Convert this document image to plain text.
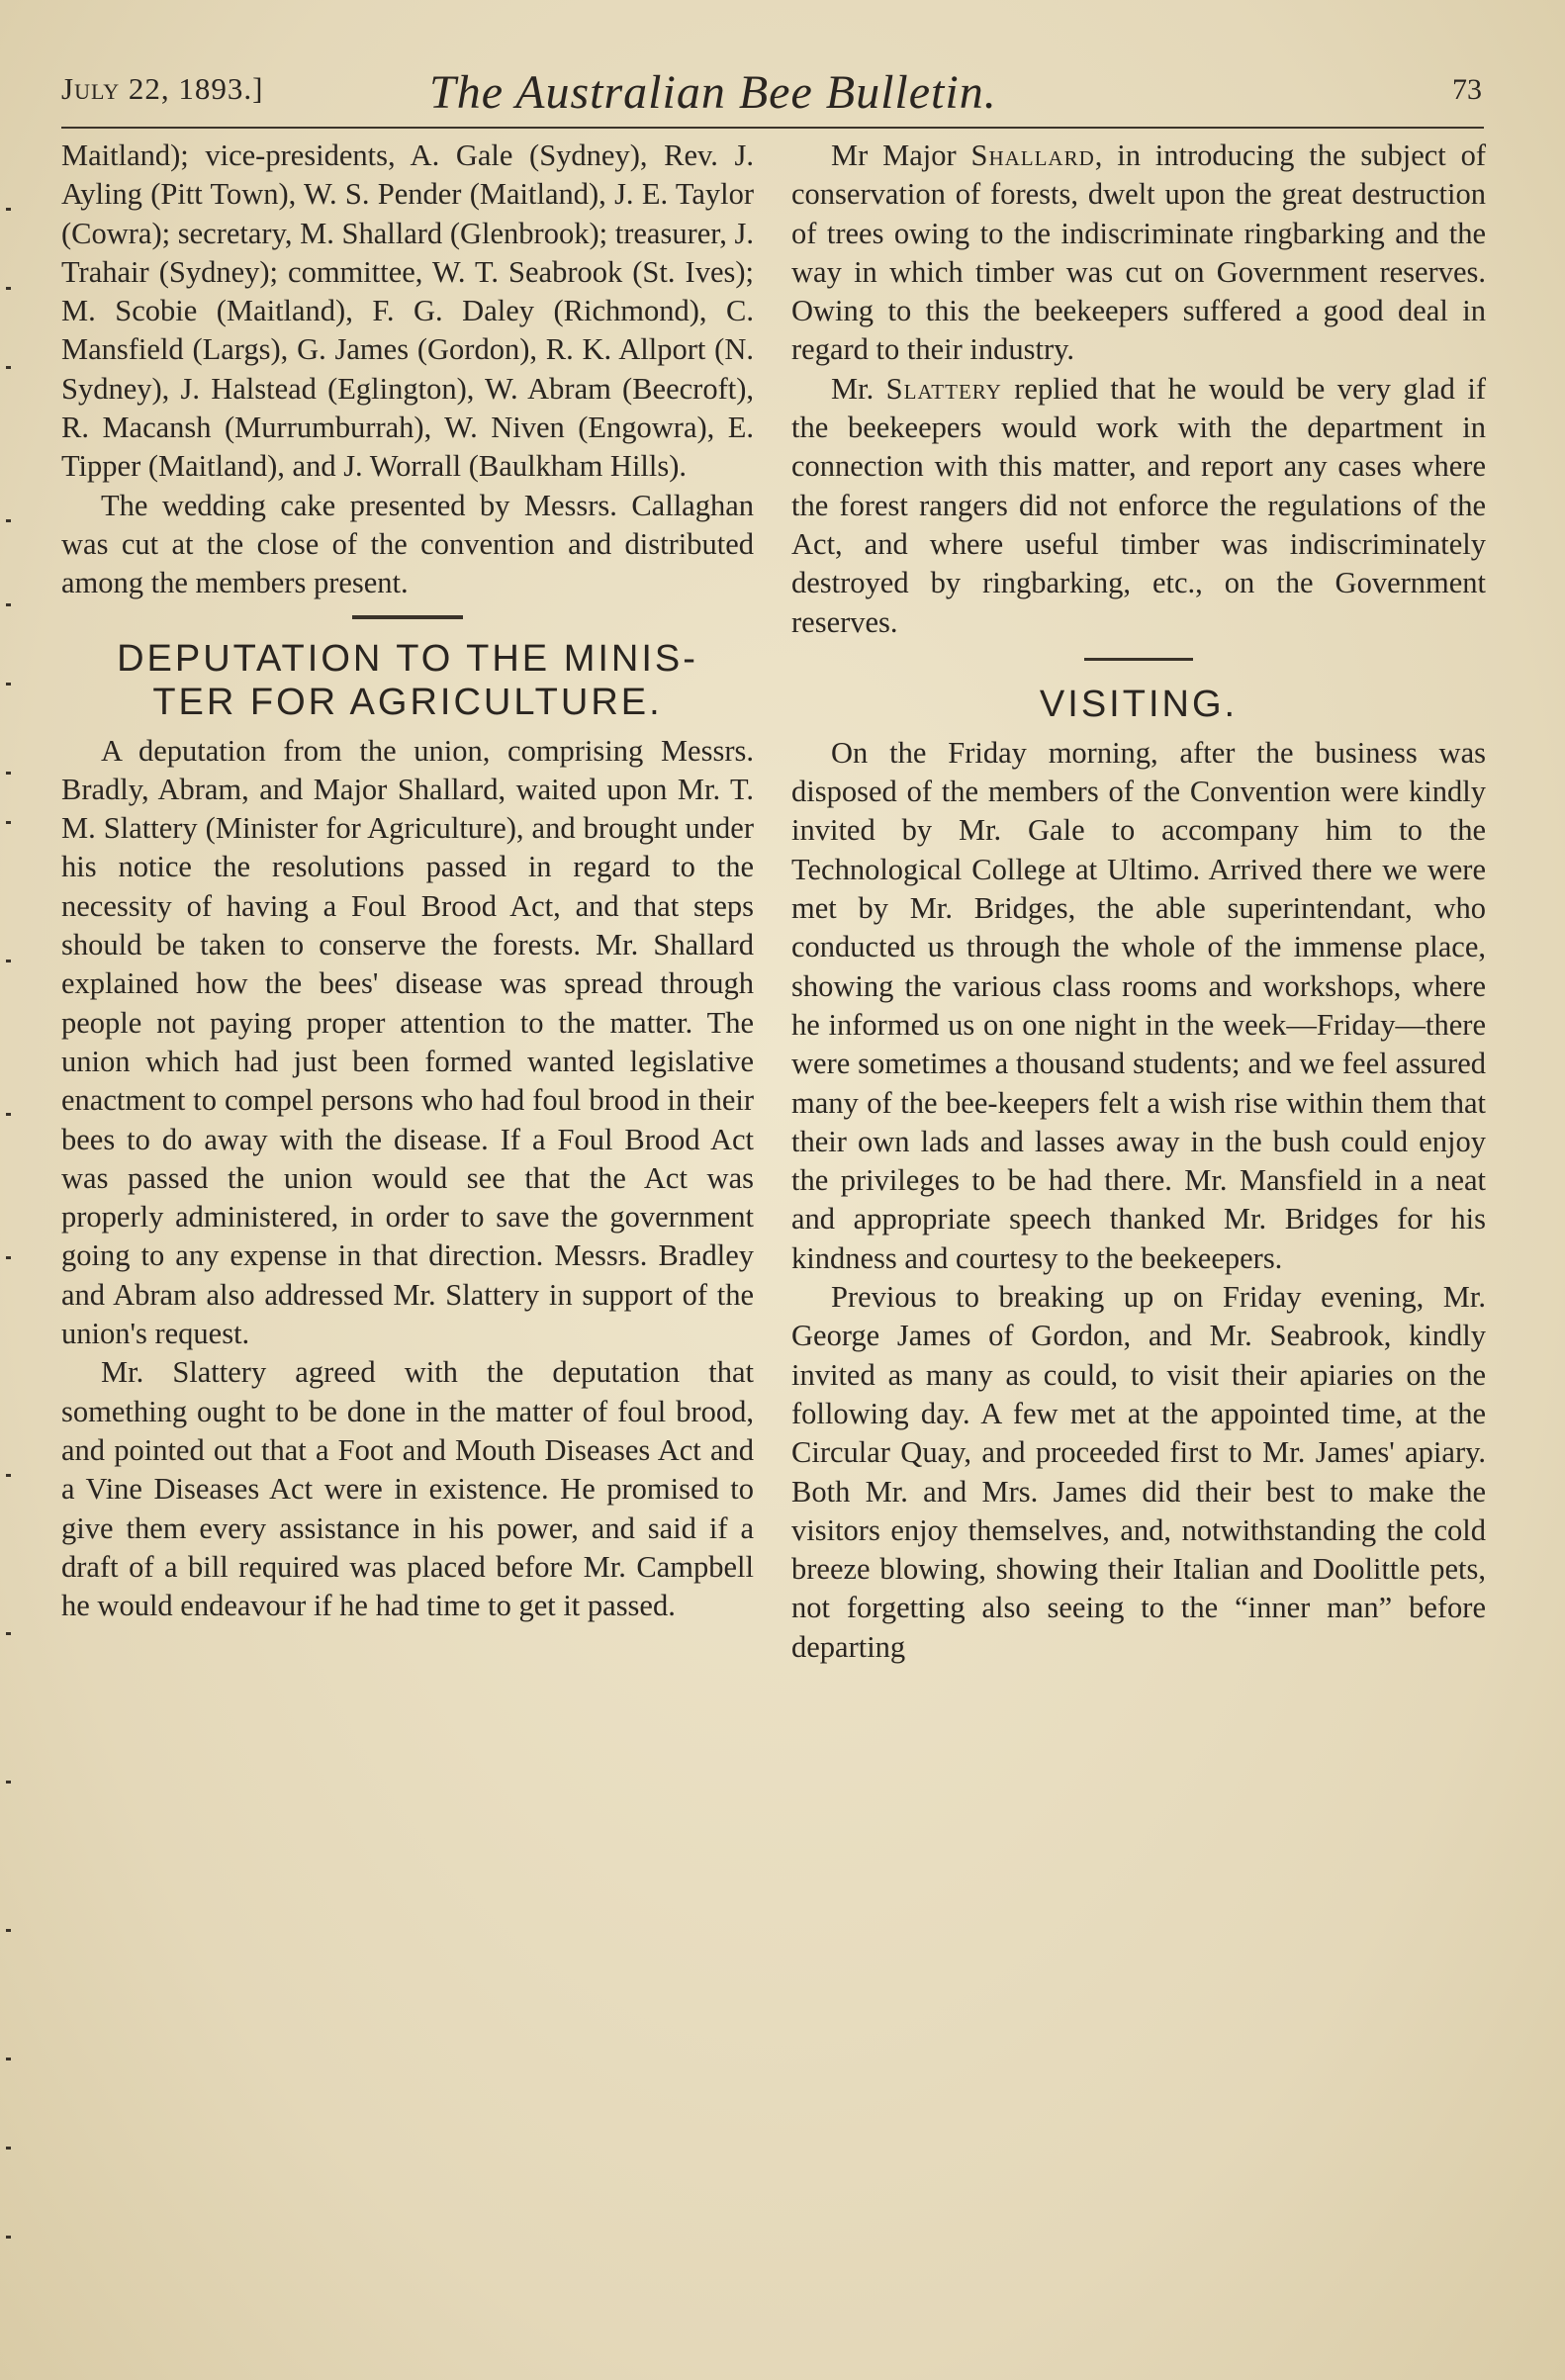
July 22, 1893.]	The Australian Bee Bulletin.	73

Maitland); vice-presidents, A. Gale (Sydney), Rev. J. Ayling (Pitt Town), W. S. Pender (Maitland), J. E. Taylor (Cowra); secretary, M. Shallard (Glenbrook); treasurer, J. Trahair (Sydney); committee, W. T. Seabrook (St. Ives); M. Scobie (Maitland), F. G. Daley (Richmond), C. Mansfield (Largs), G. James (Gordon), R. K. Allport (N. Sydney), J. Halstead (Eglington), W. Abram (Beecroft), R. Macansh (Murrumburrah), W. Niven (Engowra), E. Tipper (Maitland), and J. Worrall (Baulkham Hills).

The wedding cake presented by Messrs. Callaghan was cut at the close of the convention and distributed among the members present.

DEPUTATION TO THE MINIS-
TER FOR AGRICULTURE.

A deputation from the union, comprising Messrs. Bradly, Abram, and Major Shallard, waited upon Mr. T. M. Slattery (Minister for Agriculture), and brought under his notice the resolutions passed in regard to the necessity of having a Foul Brood Act, and that steps should be taken to conserve the forests. Mr. Shallard explained how the bees' disease was spread through people not paying proper attention to the matter. The union which had just been formed wanted legislative enactment to compel persons who had foul brood in their bees to do away with the disease. If a Foul Brood Act was passed the union would see that the Act was properly administered, in order to save the government going to any expense in that direction. Messrs. Bradley and Abram also addressed Mr. Slattery in support of the union's request.

Mr. Slattery agreed with the deputation that something ought to be done in the matter of foul brood, and pointed out that a Foot and Mouth Diseases Act and a Vine Diseases Act were in existence. He promised to give them every assistance in his power, and said if a draft of a bill required was placed before Mr. Campbell he would endeavour if he had time to get it passed.

Mr Major Shallard, in introducing the subject of conservation of forests, dwelt upon the great destruction of trees owing to the indiscriminate ringbarking and the way in which timber was cut on Government reserves. Owing to this the beekeepers suffered a good deal in regard to their industry.

Mr. Slattery replied that he would be very glad if the beekeepers would work with the department in connection with this matter, and report any cases where the forest rangers did not enforce the regulations of the Act, and where useful timber was indiscriminately destroyed by ringbarking, etc., on the Government reserves.

VISITING.

On the Friday morning, after the business was disposed of the members of the Convention were kindly invited by Mr. Gale to accompany him to the Technological College at Ultimo. Arrived there we were met by Mr. Bridges, the able superintendant, who conducted us through the whole of the immense place, showing the various class rooms and workshops, where he informed us on one night in the week—Friday—there were sometimes a thousand students; and we feel assured many of the bee-keepers felt a wish rise within them that their own lads and lasses away in the bush could enjoy the privileges to be had there. Mr. Mansfield in a neat and appropriate speech thanked Mr. Bridges for his kindness and courtesy to the beekeepers.

Previous to breaking up on Friday evening, Mr. George James of Gordon, and Mr. Seabrook, kindly invited as many as could, to visit their apiaries on the following day. A few met at the appointed time, at the Circular Quay, and proceeded first to Mr. James' apiary. Both Mr. and Mrs. James did their best to make the visitors enjoy themselves, and, notwithstanding the cold breeze blowing, showing their Italian and Doolittle pets, not forgetting also seeing to the “inner man” before departing
